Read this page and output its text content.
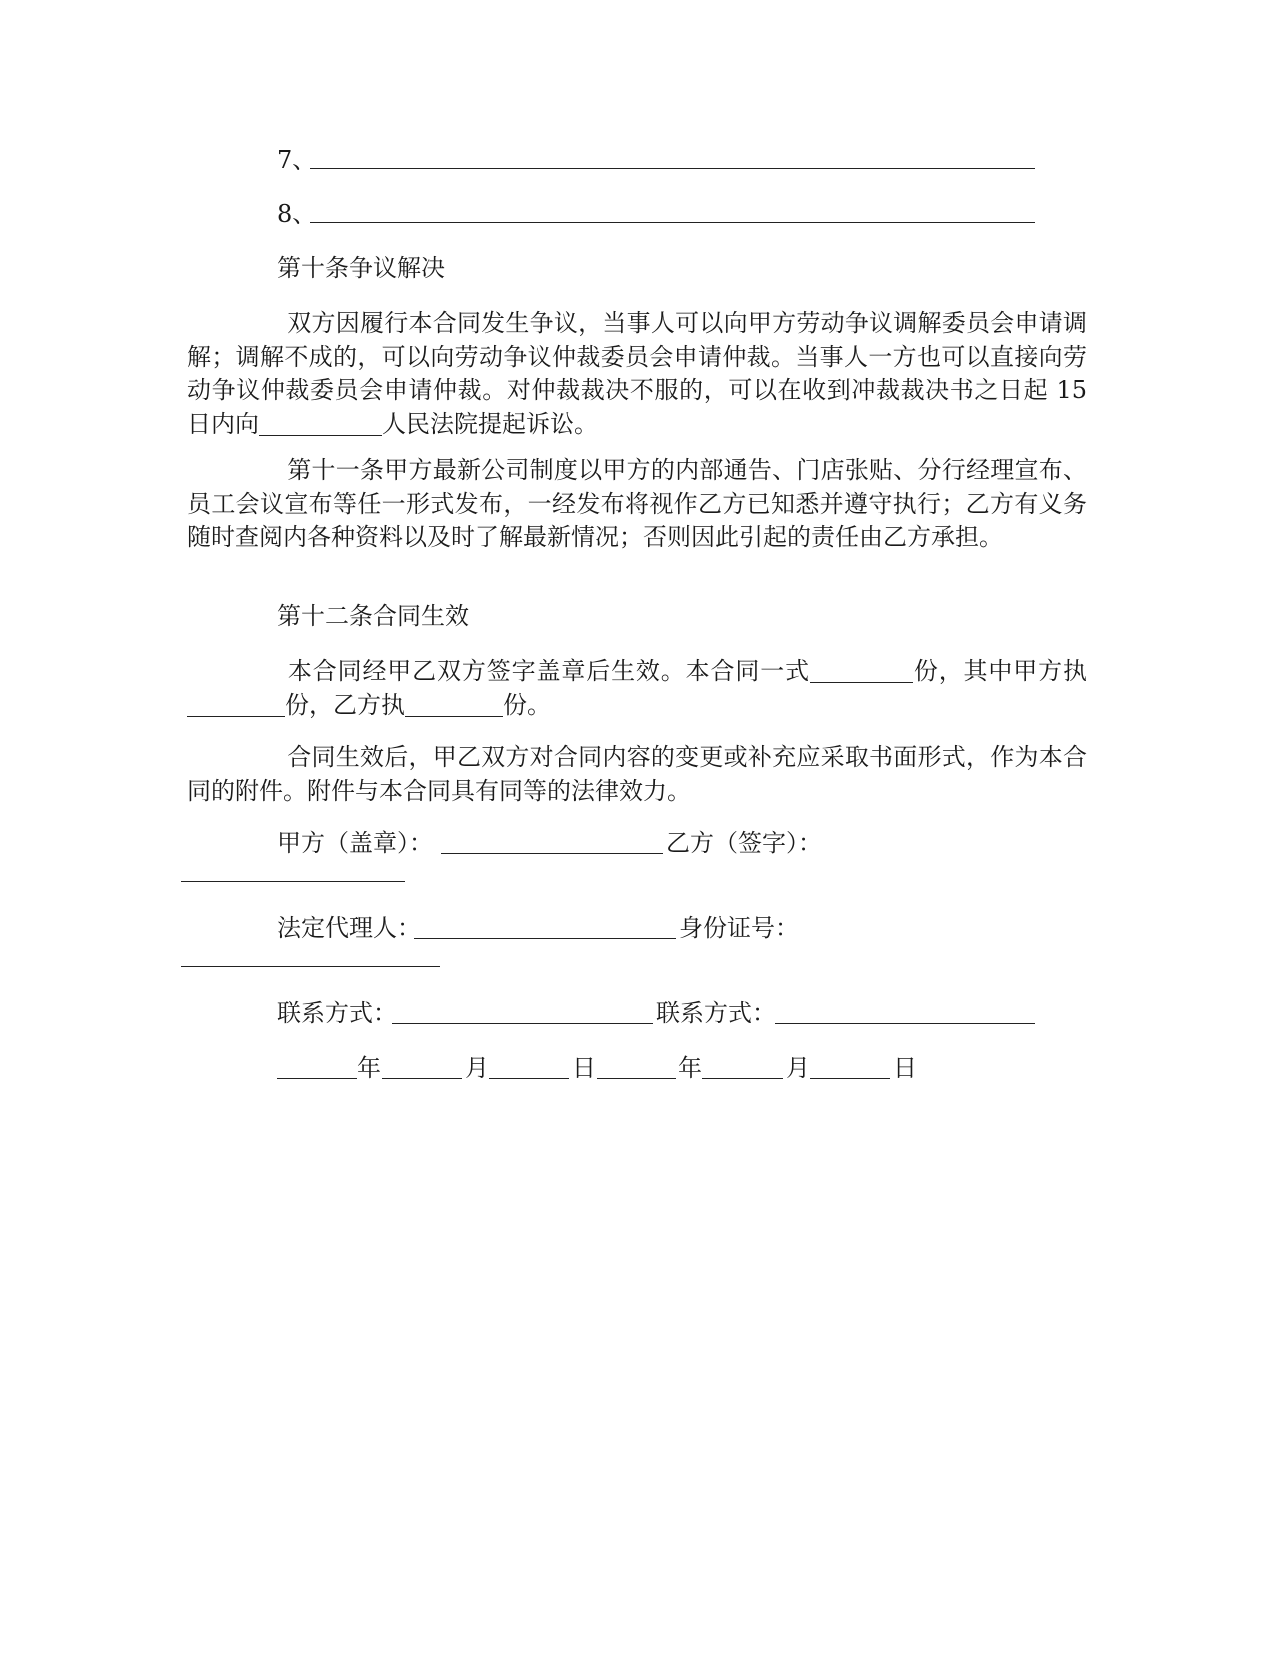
7、
8、
第十条争议解决
双方因履行本合同发生争议，当事人可以向甲方劳动争议调解委员会申请调解；调解不成的，可以向劳动争议仲裁委员会申请仲裁。当事人一方也可以直接向劳动争议仲裁委员会申请仲裁。对仲裁裁决不服的，可以在收到冲裁裁决书之日起 15 日内向	人民法院提起诉讼。
第十一条甲方最新公司制度以甲方的内部通告、门店张贴、分行经理宣布、员工会议宣布等任一形式发布，一经发布将视作乙方已知悉并遵守执行；乙方有义务随时查阅内各种资料以及时了解最新情况；否则因此引起的责任由乙方承担。
第十二条合同生效
本合同经甲乙双方签字盖章后生效。本合同一式	份，其中甲方执份，乙方执	份。
合同生效后，甲乙双方对合同内容的变更或补充应采取书面形式，作为本合同的附件。附件与本合同具有同等的法律效力。
甲方（盖章）：	乙方（签字）：
法定代理人：	身份证号：
联系方式：	联系方式：
年	月	日	年	月	日
